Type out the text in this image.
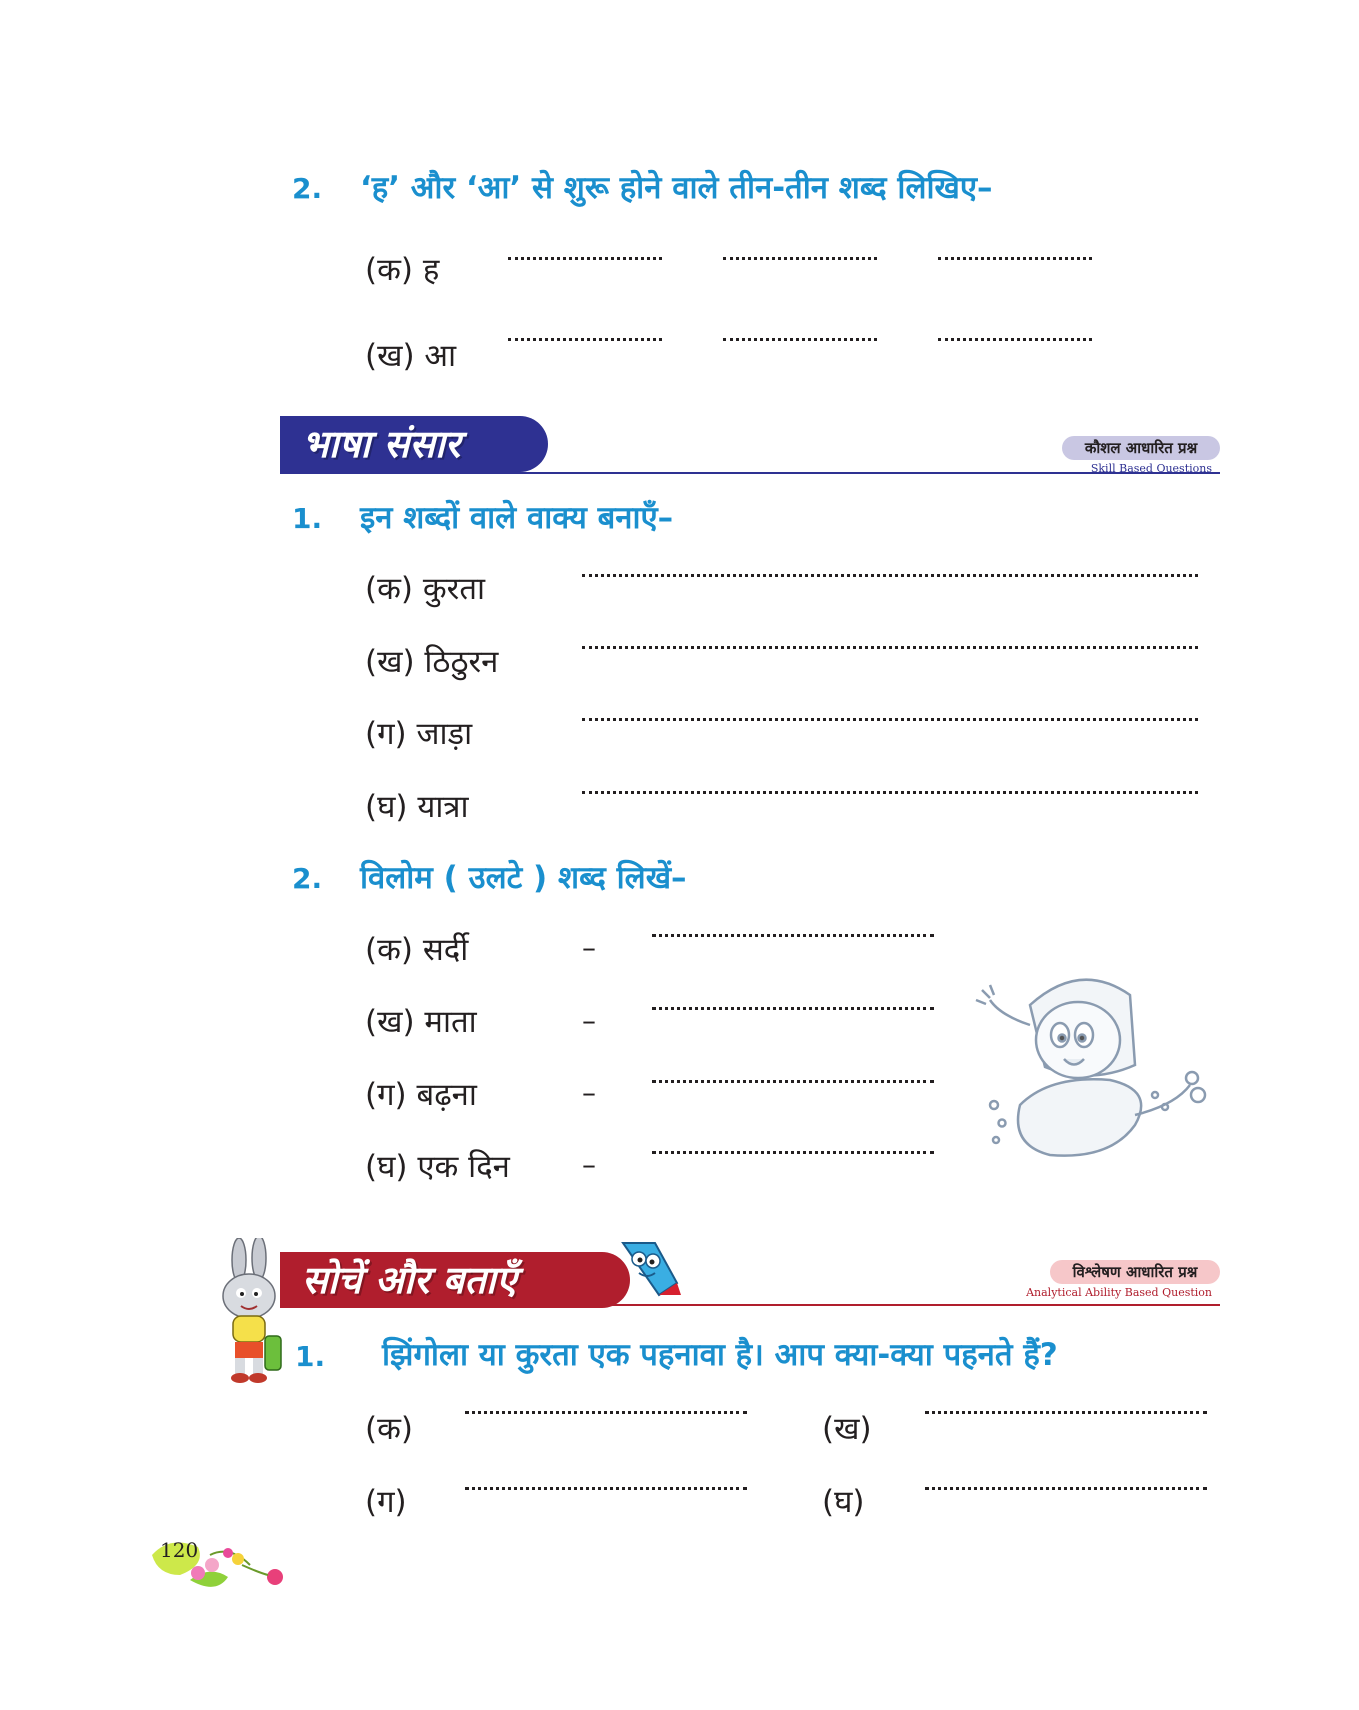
2. ‘ह’ और ‘आ’ से शुरू होने वाले तीन-तीन शब्द लिखिए–
(क) ह
(ख) आ
भाषा संसार	कौशल आधारित प्रश्न
Skill Based Questions
1. इन शब्दों वाले वाक्य बनाएँ–
(क) कुरता
(ख) ठिठुरन
(ग) जाड़ा
(घ) यात्रा
2. विलोम ( उलटे ) शब्द लिखें–
(क) सर्दी	–
(ख) माता	–
(ग) बढ़ना	–
(घ) एक दिन	–
सोचें और बताएँ	विश्लेषण आधारित प्रश्न
Analytical Ability Based Question
1. झिंगोला या कुरता एक पहनावा है। आप क्या-क्या पहनते हैं?
(क)	(ख)
(ग)	(घ)
120
